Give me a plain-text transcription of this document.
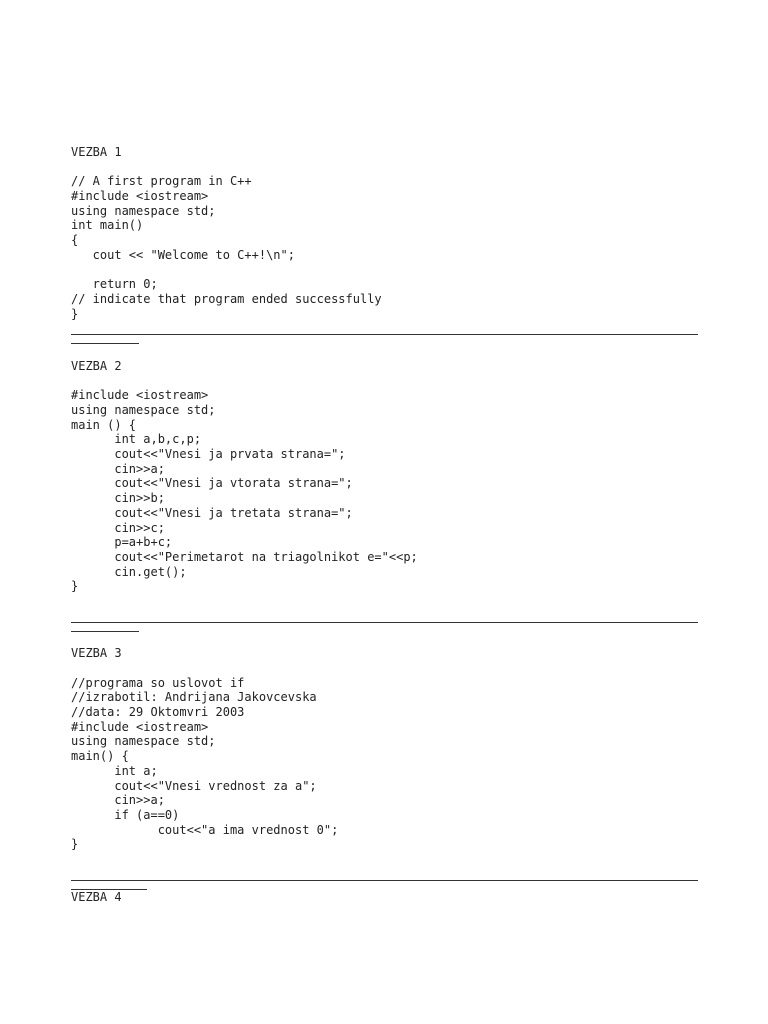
VEZBA 1
// A first program in C++
#include <iostream>
using namespace std;
int main()
{
cout << "Welcome to C++!\n";
return 0;
// indicate that program ended successfully
}
VEZBA 2
#include <iostream>
using namespace std;
main () {
int a,b,c,p;
cout<<"Vnesi ja prvata strana=";
cin>>a;
cout<<"Vnesi ja vtorata strana=";
cin>>b;
cout<<"Vnesi ja tretata strana=";
cin>>c;
p=a+b+c;
cout<<"Perimetarot na triagolnikot e="<<p;
cin.get();
}
VEZBA 3
//programa so uslovot if
//izrabotil: Andrijana Jakovcevska
//data: 29 Oktomvri 2003
#include <iostream>
using namespace std;
main() {
int a;
cout<<"Vnesi vrednost za a";
cin>>a;
if (a==0)
cout<<"a ima vrednost 0";
}
VEZBA 4
